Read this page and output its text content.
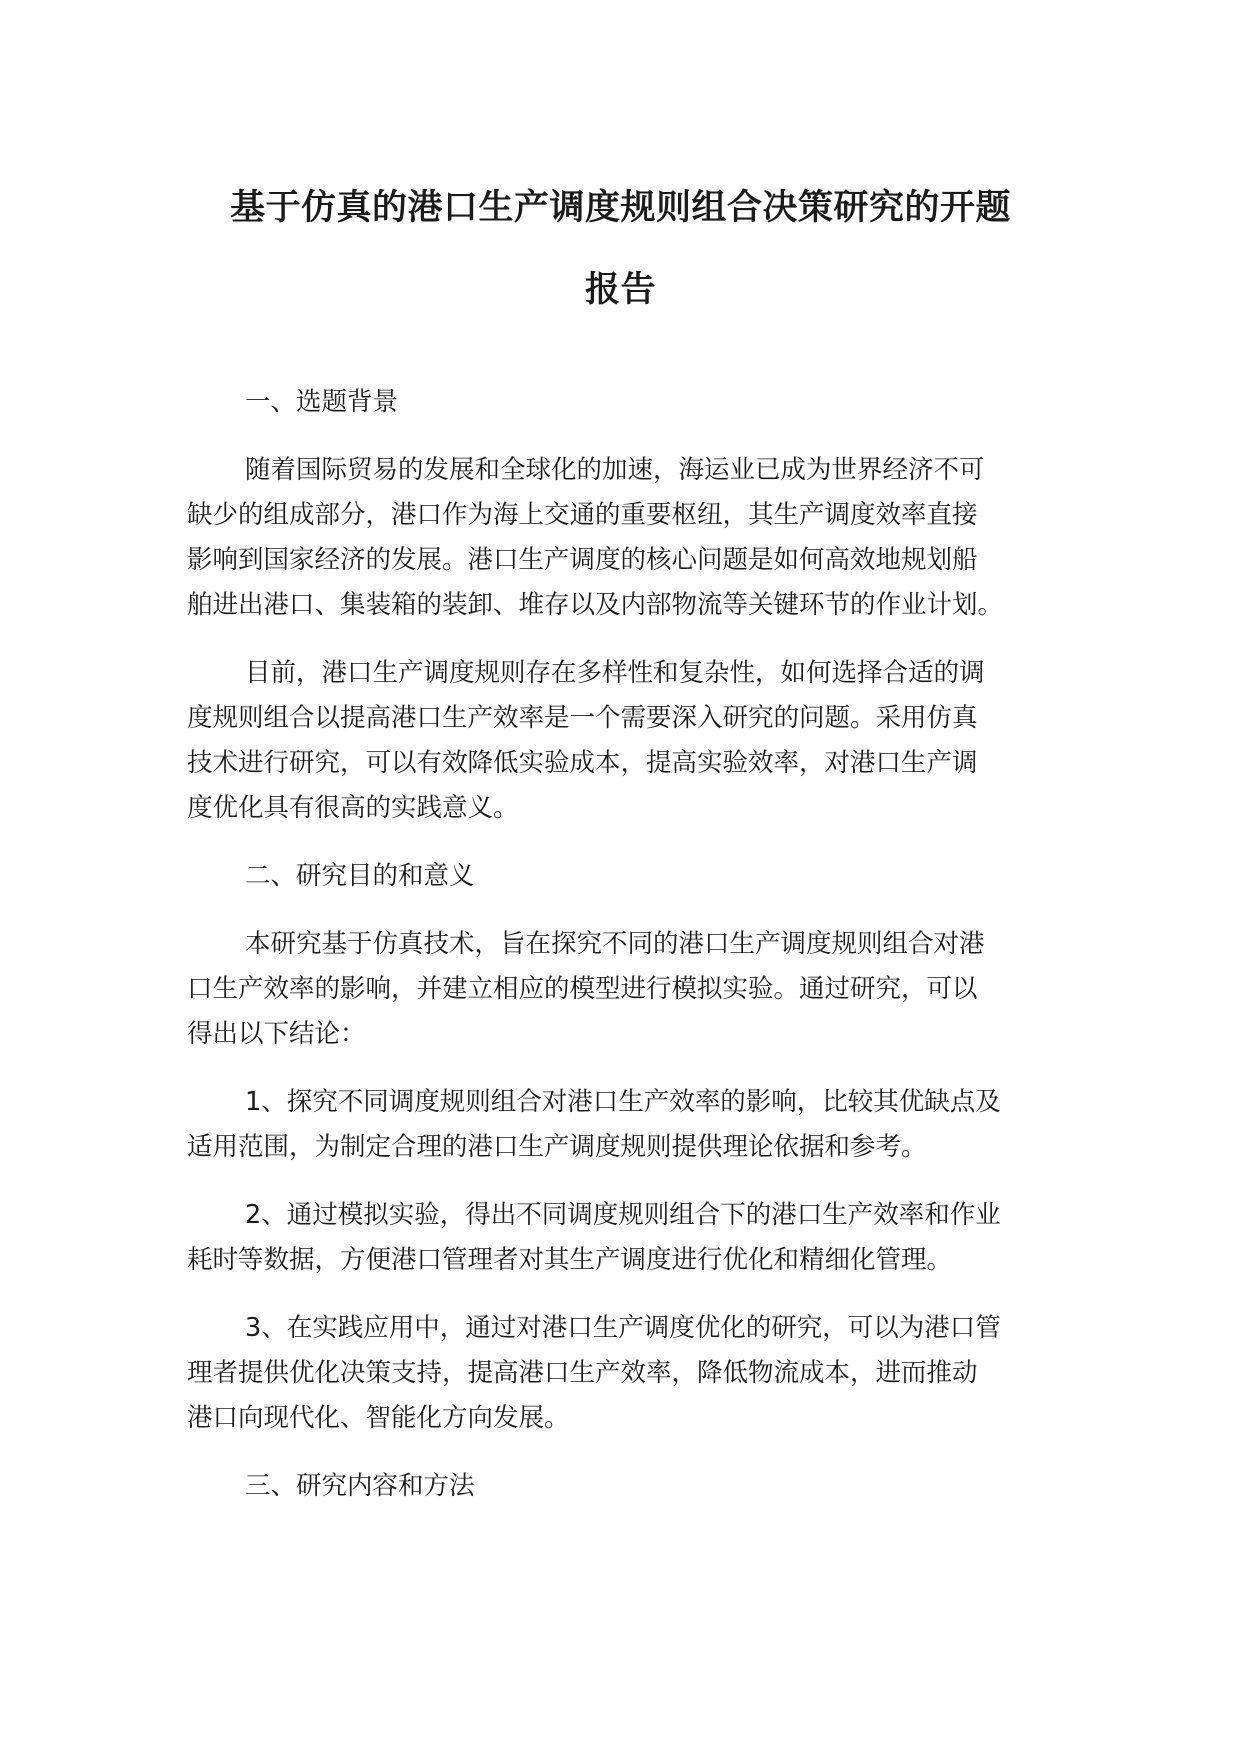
基于仿真的港口生产调度规则组合决策研究的开题
报告
一、选题背景
随着国际贸易的发展和全球化的加速，海运业已成为世界经济不可
缺少的组成部分，港口作为海上交通的重要枢纽，其生产调度效率直接
影响到国家经济的发展。港口生产调度的核心问题是如何高效地规划船
舶进出港口、集装箱的装卸、堆存以及内部物流等关键环节的作业计划。
目前，港口生产调度规则存在多样性和复杂性，如何选择合适的调
度规则组合以提高港口生产效率是一个需要深入研究的问题。采用仿真
技术进行研究，可以有效降低实验成本，提高实验效率，对港口生产调
度优化具有很高的实践意义。
二、研究目的和意义
本研究基于仿真技术，旨在探究不同的港口生产调度规则组合对港
口生产效率的影响，并建立相应的模型进行模拟实验。通过研究，可以
得出以下结论：
1、探究不同调度规则组合对港口生产效率的影响，比较其优缺点及
适用范围，为制定合理的港口生产调度规则提供理论依据和参考。
2、通过模拟实验，得出不同调度规则组合下的港口生产效率和作业
耗时等数据，方便港口管理者对其生产调度进行优化和精细化管理。
3、在实践应用中，通过对港口生产调度优化的研究，可以为港口管
理者提供优化决策支持，提高港口生产效率，降低物流成本，进而推动
港口向现代化、智能化方向发展。
三、研究内容和方法
